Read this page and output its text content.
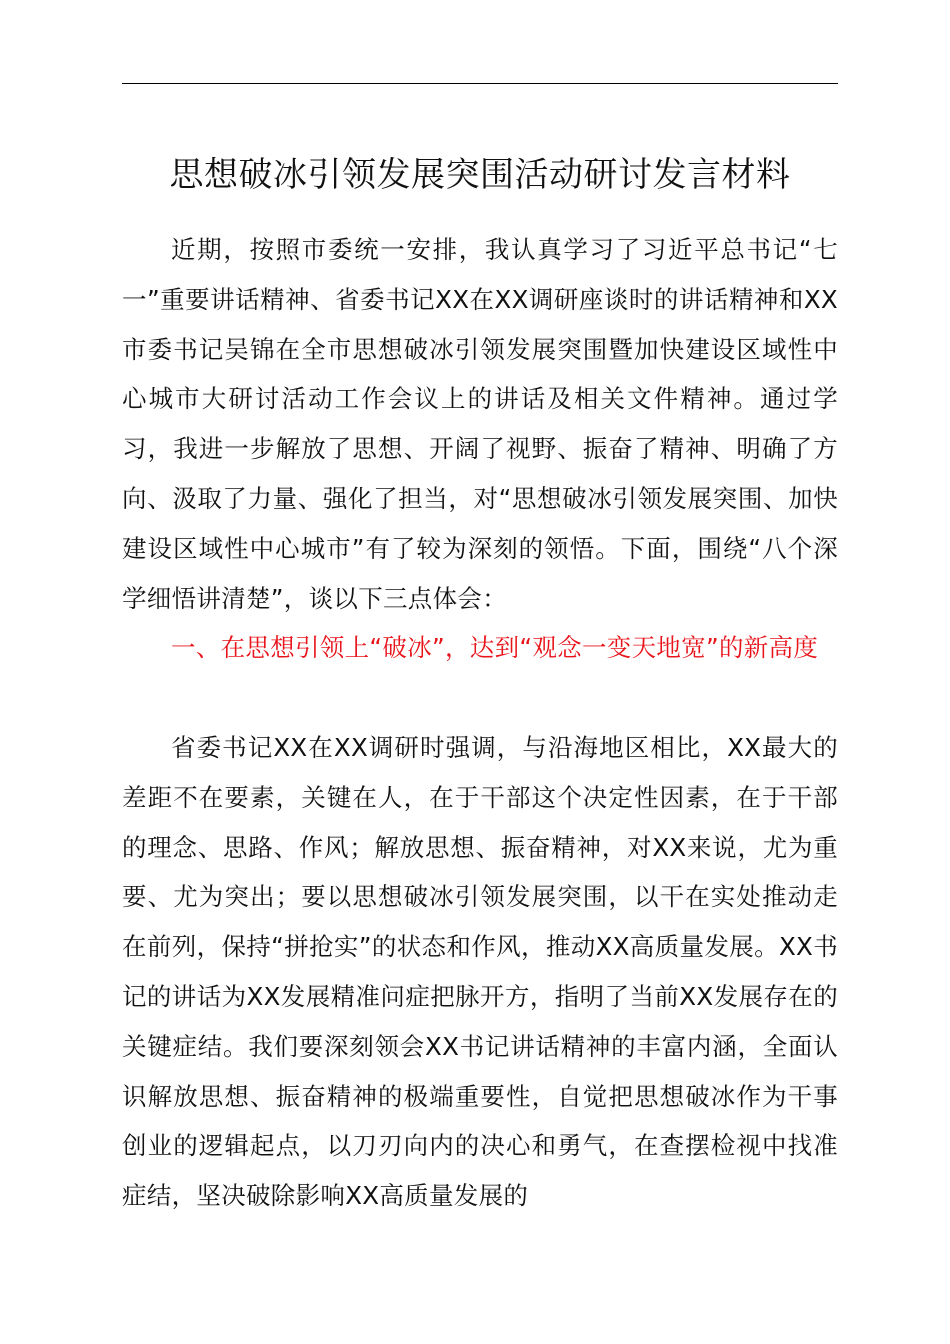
思想破冰引领发展突围活动研讨发言材料

近期，按照市委统一安排，我认真学习了习近平总书记“七一”重要讲话精神、省委书记XX在XX调研座谈时的讲话精神和XX市委书记吴锦在全市思想破冰引领发展突围暨加快建设区域性中心城市大研讨活动工作会议上的讲话及相关文件精神。通过学习，我进一步解放了思想、开阔了视野、振奋了精神、明确了方向、汲取了力量、强化了担当，对“思想破冰引领发展突围、加快建设区域性中心城市”有了较为深刻的领悟。下面，围绕“八个深学细悟讲清楚”，谈以下三点体会：

一、在思想引领上“破冰”，达到“观念一变天地宽”的新高度

省委书记XX在XX调研时强调，与沿海地区相比，XX最大的差距不在要素，关键在人，在于干部这个决定性因素，在于干部的理念、思路、作风；解放思想、振奋精神，对XX来说，尤为重要、尤为突出；要以思想破冰引领发展突围，以干在实处推动走在前列，保持“拼抢实”的状态和作风，推动XX高质量发展。XX书记的讲话为XX发展精准问症把脉开方，指明了当前XX发展存在的关键症结。我们要深刻领会XX书记讲话精神的丰富内涵，全面认识解放思想、振奋精神的极端重要性，自觉把思想破冰作为干事创业的逻辑起点，以刀刃向内的决心和勇气，在查摆检视中找准症结，坚决破除影响XX高质量发展的
